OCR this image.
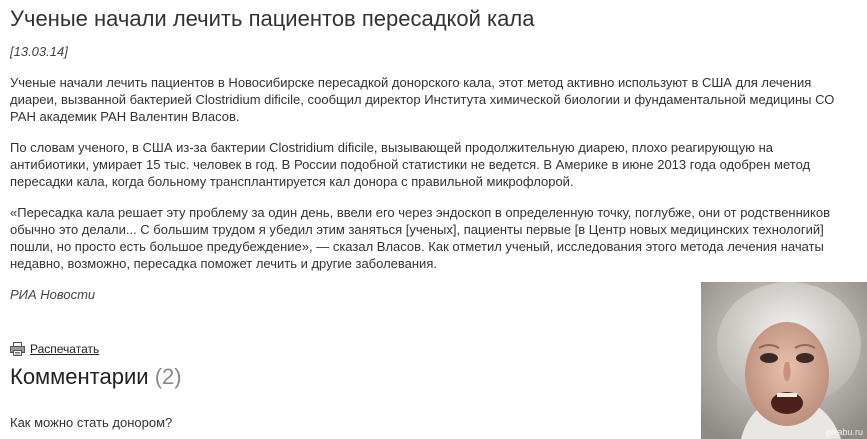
Ученые начали лечить пациентов пересадкой кала
[13.03.14]

Ученые начали лечить пациентов в Новосибирске пересадкой донорского кала, этот метод активно используют в США для лечения диареи, вызванной бактерией Clostridium dificile, сообщил директор Института химической биологии и фундаментальной медицины СО РАН академик РАН Валентин Власов.

По словам ученого, в США из-за бактерии Clostridium dificile, вызывающей продолжительную диарею, плохо реагирующую на антибиотики, умирает 15 тыс. человек в год. В России подобной статистики не ведется. В Америке в июне 2013 года одобрен метод пересадки кала, когда больному трансплантируется кал донора с правильной микрофлорой.

«Пересадка кала решает эту проблему за один день, ввели его через эндоскоп в определенную точку, поглубже, они от родственников обычно это делали... С большим трудом я убедил этим заняться [ученых], пациенты первые [в Центр новых медицинских технологий] пошли, но просто есть большое предубеждение», — сказал Власов. Как отметил ученый, исследования этого метода лечения начаты недавно, возможно, пересадка поможет лечить и другие заболевания.

РИА Новости
Распечатать
Комментарии (2)
Как можно стать донором?
pikabu.ru
